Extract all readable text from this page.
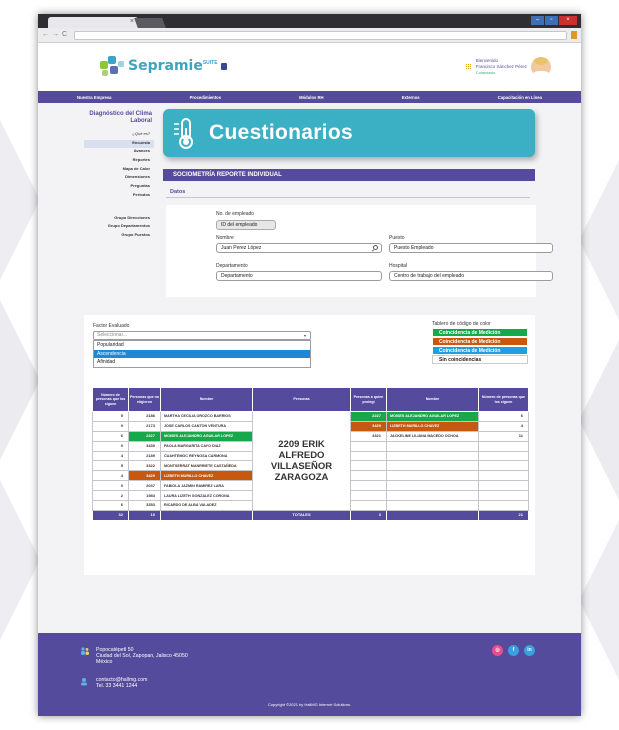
×	–	▫	×
←→C
Sepramie SUITE	Bienvenido
Francisco Sánchez Pérez
Conectado
Nuestra Empresa	Procedimientos	Módulos RH	Externos	Capacitación en Línea
Diagnóstico del Clima Laboral
¿Qué es?
Encuesta
Avances
Reportes
Mapa de Calor
Dimensiones
Preguntas
Periodos
Grupo Direcciones
Grupo Departamentos
Grupo Puestos
Cuestionarios
SOCIOMETRÍA REPORTE INDIVIDUAL
Datos
No. de empleado
ID del empleado
Nombre
Juan Perez López
Puesto
Puesto Empleado
Departamento
Departamento
Hospital
Centro de trabajo del empleado
Factor Evaluado
Seleccionar...	▾
Popularidad
Ascendencia
Afinidad
Tablero de código de color
Coincidencia de Medición
Coincidencia de Medición
Coincidencia de Medición
Sin coincidencias
Número de personas que los siguen	Personas que no eligieron	Nombre	Personas	Personas a quien protegi	Nombre	Número de personas que los siguen
5	2186	MARTHA CECILIA OROZCO BARRIOS	2209 ERIK ALFREDO VILLASEÑOR ZARAGOZA	2227	MOISES ALEJANDRO AGUILAR LOPEZ	6
0	2173	JOSE CARLOS CANTON VENTURA		3429	LIZBETH MURILLO CHAVEZ	4
6	2227	MOISES ALEJANDRO AGUILAR LOPEZ		3321	JACKELINE LILIANA MACEDO OCHOA	11
0	3430	PAOLA MARGARITA CAYO DIAZ				
4	2189	CUAHTEMOC REYNOSA CARMONA				
5	3322	MONTSERRAT MANRRIETE CASTAÑEDA				
4	3429	LIZBETH MURILLO CHAVEZ				
0	2037	FABIOLA JAZMIN RAMIREZ LARA				
2	1983	LAURA LIZETH GONZALEZ CORONA				
6	3353	RICARDO DE ALBA VALADEZ				
32	10		TOTALES	3		21
Popocatépetl 50
Ciudad del Sol, Zapopan, Jalisco 45050
México
contacto@hallmg.com
Tel. 33 3441 1244
◎	f	in
Copyright ©2021 by HallMG Internet Solutions.
